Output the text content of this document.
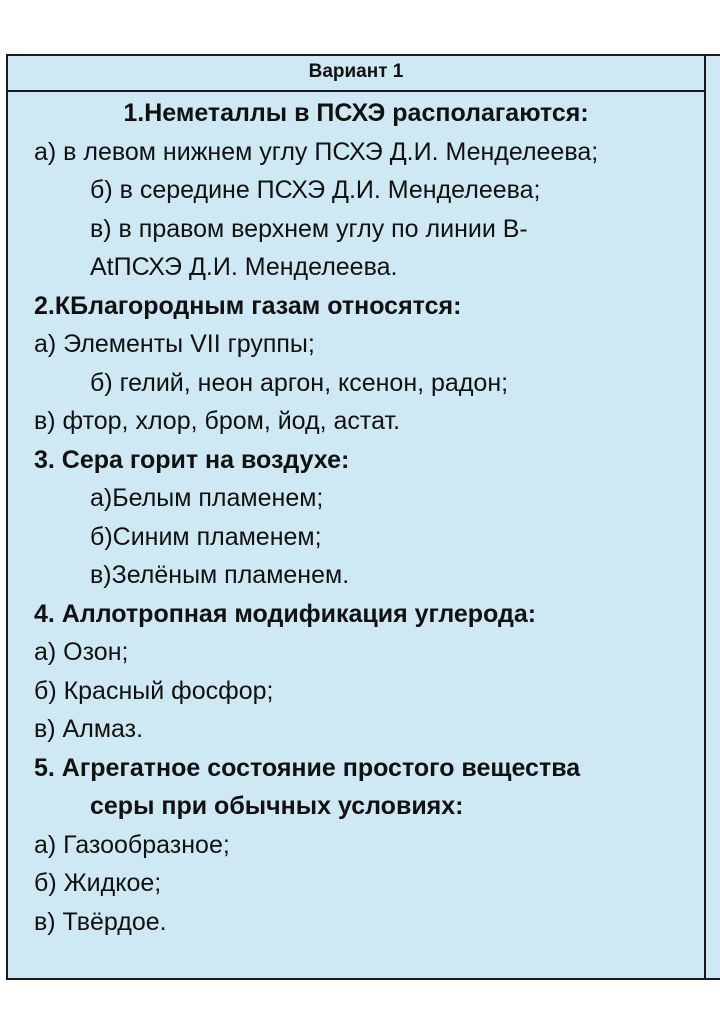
Вариант 1
1.Неметаллы в ПСХЭ располагаются:
а) в левом нижнем углу ПСХЭ Д.И. Менделеева;
б) в середине ПСХЭ Д.И. Менделеева;
в) в правом верхнем углу по линии В-
AtПСХЭ Д.И. Менделеева.
2.КБлагородным газам относятся:
а) Элементы VII группы;
б) гелий, неон аргон, ксенон, радон;
в) фтор, хлор, бром, йод, астат.
3. Сера горит на воздухе:
а)Белым пламенем;
б)Синим пламенем;
в)Зелёным пламенем.
4. Аллотропная модификация углерода:
а) Озон;
б) Красный фосфор;
в) Алмаз.
5. Агрегатное состояние простого вещества
серы при обычных условиях:
а) Газообразное;
б) Жидкое;
в) Твёрдое.
